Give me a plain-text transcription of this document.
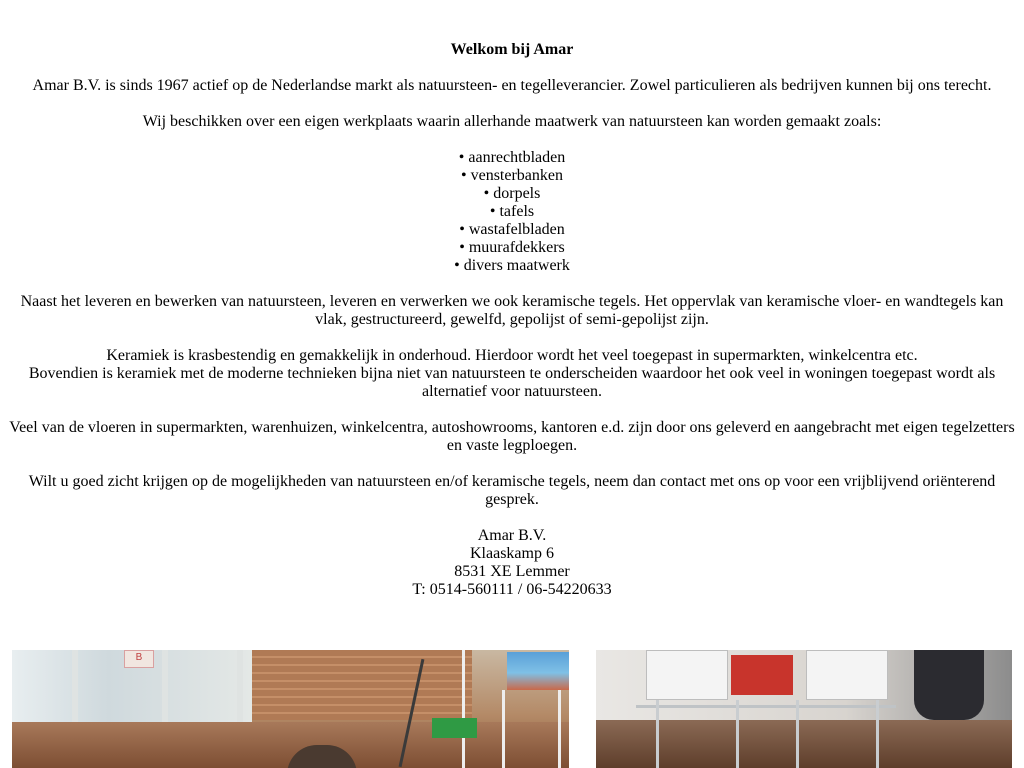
Welkom bij Amar

Amar B.V. is sinds 1967 actief op de Nederlandse markt als natuursteen- en tegelleverancier. Zowel particulieren als bedrijven kunnen bij ons terecht.

Wij beschikken over een eigen werkplaats waarin allerhande maatwerk van natuursteen kan worden gemaakt zoals:

• aanrechtbladen
• vensterbanken
• dorpels
• tafels
• wastafelbladen
• muurafdekkers
• divers maatwerk

Naast het leveren en bewerken van natuursteen, leveren en verwerken we ook keramische tegels. Het oppervlak van keramische vloer- en wandtegels kan vlak, gestructureerd, gewelfd, gepolijst of semi-gepolijst zijn.

Keramiek is krasbestendig en gemakkelijk in onderhoud. Hierdoor wordt het veel toegepast in supermarkten, winkelcentra etc.
Bovendien is keramiek met de moderne technieken bijna niet van natuursteen te onderscheiden waardoor het ook veel in woningen toegepast wordt als alternatief voor natuursteen.

Veel van de vloeren in supermarkten, warenhuizen, winkelcentra, autoshowrooms, kantoren e.d. zijn door ons geleverd en aangebracht met eigen tegelzetters en vaste legploegen.

Wilt u goed zicht krijgen op de mogelijkheden van natuursteen en/of keramische tegels, neem dan contact met ons op voor een vrijblijvend oriënterend gesprek.

Amar B.V.
Klaaskamp 6
8531 XE Lemmer
T: 0514-560111 / 06-54220633
B
